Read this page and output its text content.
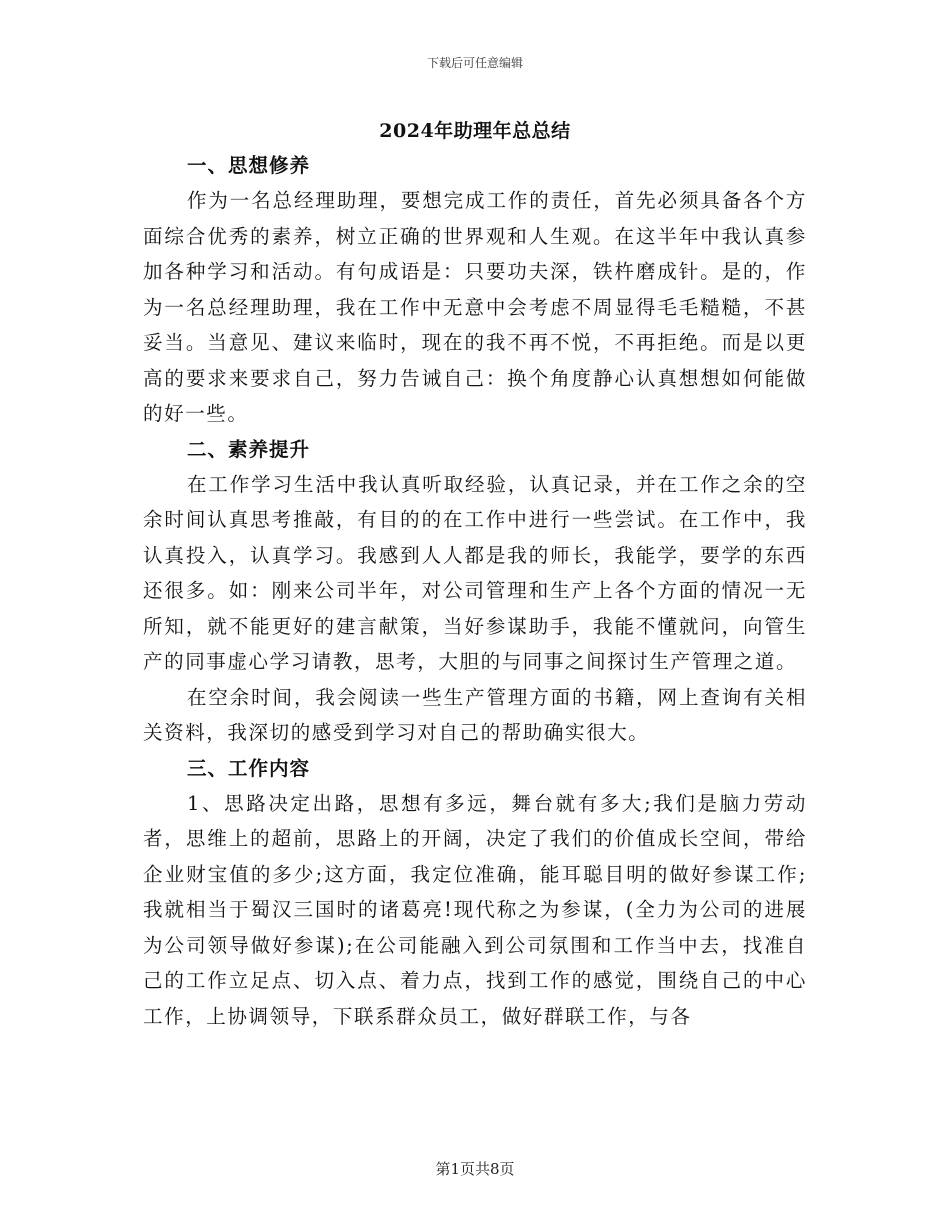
下载后可任意编辑
2024年助理年总总结
一、思想修养

作为一名总经理助理，要想完成工作的责任，首先必须具备各个方面综合优秀的素养，树立正确的世界观和人生观。在这半年中我认真参加各种学习和活动。有句成语是：只要功夫深，铁杵磨成针。是的，作为一名总经理助理，我在工作中无意中会考虑不周显得毛毛糙糙，不甚妥当。当意见、建议来临时，现在的我不再不悦，不再拒绝。而是以更高的要求来要求自己，努力告诫自己：换个角度静心认真想想如何能做的好一些。

二、素养提升

在工作学习生活中我认真听取经验，认真记录，并在工作之余的空余时间认真思考推敲，有目的的在工作中进行一些尝试。在工作中，我认真投入，认真学习。我感到人人都是我的师长，我能学，要学的东西还很多。如：刚来公司半年，对公司管理和生产上各个方面的情况一无所知，就不能更好的建言献策，当好参谋助手，我能不懂就问，向管生产的同事虚心学习请教，思考，大胆的与同事之间探讨生产管理之道。

在空余时间，我会阅读一些生产管理方面的书籍，网上查询有关相关资料，我深切的感受到学习对自己的帮助确实很大。

三、工作内容

1、思路决定出路，思想有多远，舞台就有多大;我们是脑力劳动者，思维上的超前，思路上的开阔，决定了我们的价值成长空间，带给企业财宝值的多少;这方面，我定位准确，能耳聪目明的做好参谋工作;我就相当于蜀汉三国时的诸葛亮!现代称之为参谋，(全力为公司的进展为公司领导做好参谋);在公司能融入到公司氛围和工作当中去，找准自己的工作立足点、切入点、着力点，找到工作的感觉，围绕自己的中心工作，上协调领导，下联系群众员工，做好群联工作，与各

第1页共8页
